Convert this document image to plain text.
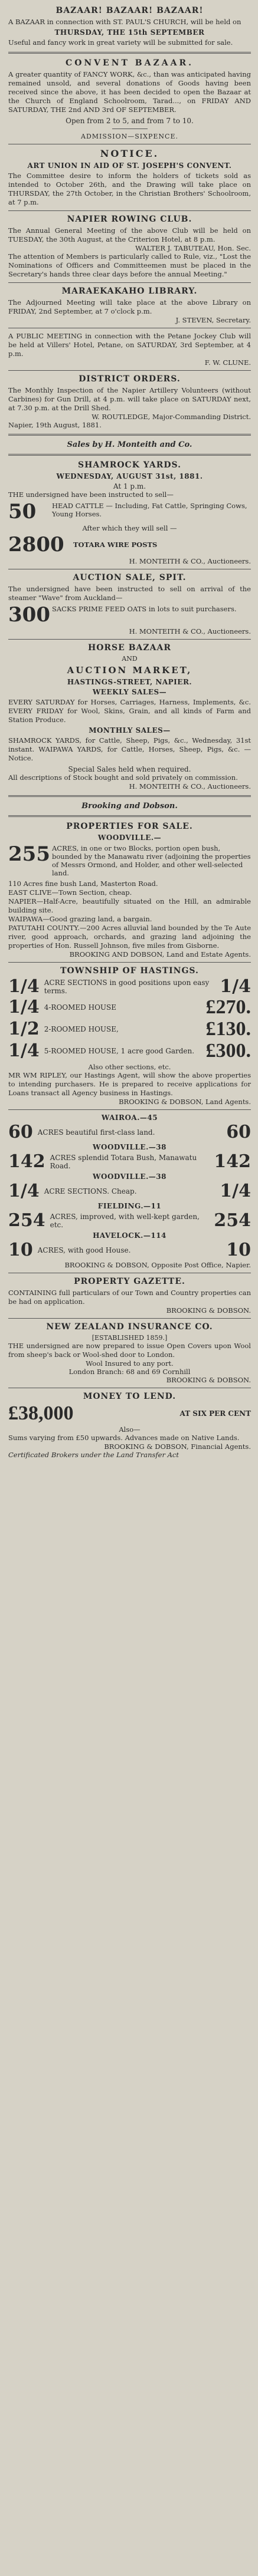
BAZAAR! BAZAAR! BAZAAR!
A BAZAAR in connection with ST. PAUL'S CHURCH, will be held on
THURSDAY, THE 15th SEPTEMBER
Useful and fancy work in great variety will be submitted for sale.
CONVENT BAZAAR.
A greater quantity of FANCY WORK, &c., than was anticipated having remained unsold, and several donations of Goods having been received since the above, it has been decided to open the Bazaar at the Church of England Schoolroom, Tarad..., on FRIDAY AND SATURDAY, THE 2nd AND 3rd OF SEPTEMBER.
Open from 2 to 5, and from 7 to 10.
ADMISSION—SIXPENCE.
NOTICE.
ART UNION IN AID OF ST. JOSEPH'S CONVENT.
The Committee desire to inform the holders of tickets sold as intended to October 26th, and the Drawing will take place on THURSDAY, the 27th October, in the Christian Brothers' Schoolroom, at 7 p.m.
NAPIER ROWING CLUB.
The Annual General Meeting of the above Club will be held on TUESDAY, the 30th August, at the Criterion Hotel, at 8 p.m.
WALTER J. TABUTEAU, Hon. Sec.
The attention of Members is particularly called to Rule, viz., "Lost the Nominations of Officers and Committeemen must be placed in the Secretary's hands three clear days before the annual Meeting."
MARAEKAKAHO LIBRARY.
The Adjourned Meeting will take place at the above Library on FRIDAY, 2nd September, at 7 o'clock p.m.
J. STEVEN, Secretary.
A PUBLIC MEETING in connection with the Petane Jockey Club will be held at Villers' Hotel, Petane, on SATURDAY, 3rd September, at 4 p.m.
F. W. CLUNE.
DISTRICT ORDERS.
The Monthly Inspection of the Napier Artillery Volunteers (without Carbines) for Gun Drill, at 4 p.m. will take place on SATURDAY next, at 7.30 p.m. at the Drill Shed.
W. ROUTLEDGE, Major-Commanding District.
Napier, 19th August, 1881.
Sales by H. Monteith and Co.
SHAMROCK YARDS.
WEDNESDAY, AUGUST 31st, 1881.
At 1 p.m.
THE undersigned have been instructed to sell—
50	HEAD CATTLE — Including, Fat Cattle, Springing Cows, Young Horses.
After which they will sell —
2800	TOTARA WIRE POSTS
H. MONTEITH & CO., Auctioneers.
AUCTION SALE, SPIT.
The undersigned have been instructed to sell on arrival of the steamer "Wave" from Auckland—
300 SACKS PRIME FEED OATS in lots to suit purchasers.
H. MONTEITH & CO., Auctioneers.
HORSE BAZAAR
AND
AUCTION MARKET,
HASTINGS-STREET, NAPIER.
WEEKLY SALES—
EVERY SATURDAY for Horses, Carriages, Harness, Implements, &c. EVERY FRIDAY for Wool, Skins, Grain, and all kinds of Farm and Station Produce.
MONTHLY SALES—
SHAMROCK YARDS, for Cattle, Sheep, Pigs, &c., Wednesday, 31st instant. WAIPAWA YARDS, for Cattle, Horses, Sheep, Pigs, &c. — Notice.
Special Sales held when required.
All descriptions of Stock bought and sold privately on commission.
H. MONTEITH & CO., Auctioneers.
Brooking and Dobson.
PROPERTIES FOR SALE.
WOODVILLE.—
255 ACRES, in one or two Blocks, portion open bush, bounded by the Manawatu river (adjoining the properties of Messrs Ormond, and Holder, and other well-selected land.
110 Acres fine bush Land, Masterton Road.
EAST CLIVE—Town Section, cheap.
NAPIER—Half-Acre, beautifully situated on the Hill, an admirable building site.
WAIPAWA—Good grazing land, a bargain.
PATUTAHI COUNTY.—200 Acres alluvial land bounded by the Te Aute river, good approach, orchards, and grazing land adjoining the properties of Hon. Russell Johnson, five miles from Gisborne.
BROOKING AND DOBSON, Land and Estate Agents.
TOWNSHIP OF HASTINGS.
1/4 ACRE SECTIONS in good positions upon easy terms.	1/4
1/4 4-ROOMED HOUSE	£270.
1/2 2-ROOMED HOUSE,	£130.
1/4 5-ROOMED HOUSE, 1 acre good Garden. £300.
Also other sections, etc.
MR WM RIPLEY, our Hastings Agent, will show the above properties to intending purchasers. He is prepared to receive applications for Loans transact all Agency business in Hastings.
BROOKING & DOBSON, Land Agents.
WAIROA.—45
60 ACRES beautiful first-class land.	60
WOODVILLE.—38
142 ACRES splendid Totara Bush, Manawatu Road.	142
WOODVILLE.—38
1/4 ACRE SECTIONS. Cheap.	1/4
FIELDING.—11
254 ACRES, improved, with well-kept garden, etc.	254
HAVELOCK.—114
10 ACRES, with good House.	10
BROOKING & DOBSON, Opposite Post Office, Napier.
PROPERTY GAZETTE.
CONTAINING full particulars of our Town and Country properties can be had on application.
BROOKING & DOBSON.
NEW ZEALAND INSURANCE CO.
[ESTABLISHED 1859.]
THE undersigned are now prepared to issue Open Covers upon Wool from sheep's back or Wool-shed door to London.
Wool Insured to any port.
London Branch: 68 and 69 Cornhill
BROOKING & DOBSON.
MONEY TO LEND.
£38,000	AT SIX PER CENT
Also—
Sums varying from £50 upwards. Advances made on Native Lands.
BROOKING & DOBSON, Financial Agents.
Certificated Brokers under the Land Transfer Act
